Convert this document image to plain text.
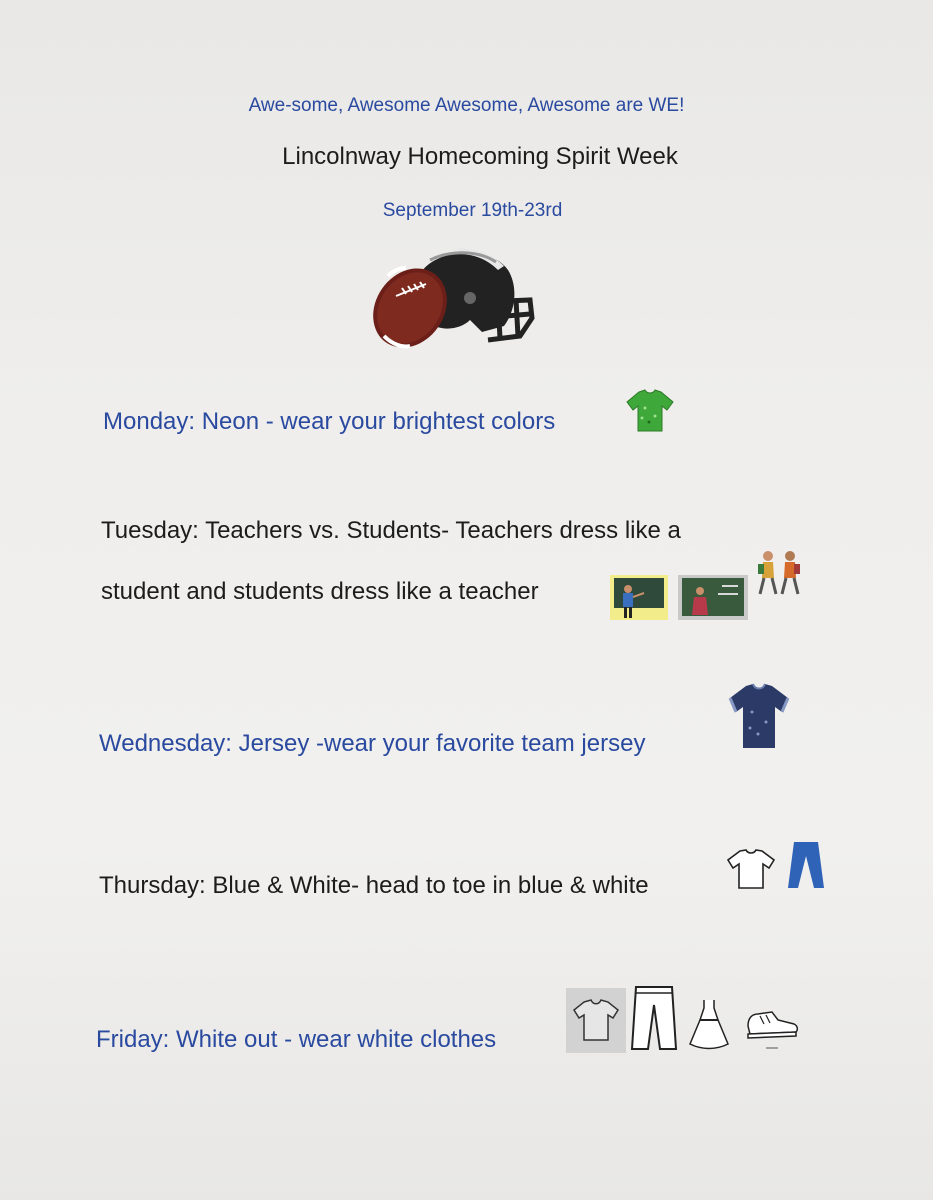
Awe-some, Awesome Awesome, Awesome are WE!
Lincolnway Homecoming Spirit Week
September 19th-23rd
Monday: Neon - wear your brightest colors
Tuesday: Teachers vs. Students- Teachers dress like a
student and students dress like a teacher
Wednesday: Jersey -wear your favorite team jersey
Thursday: Blue & White- head to toe in blue & white
Friday: White out - wear white clothes
